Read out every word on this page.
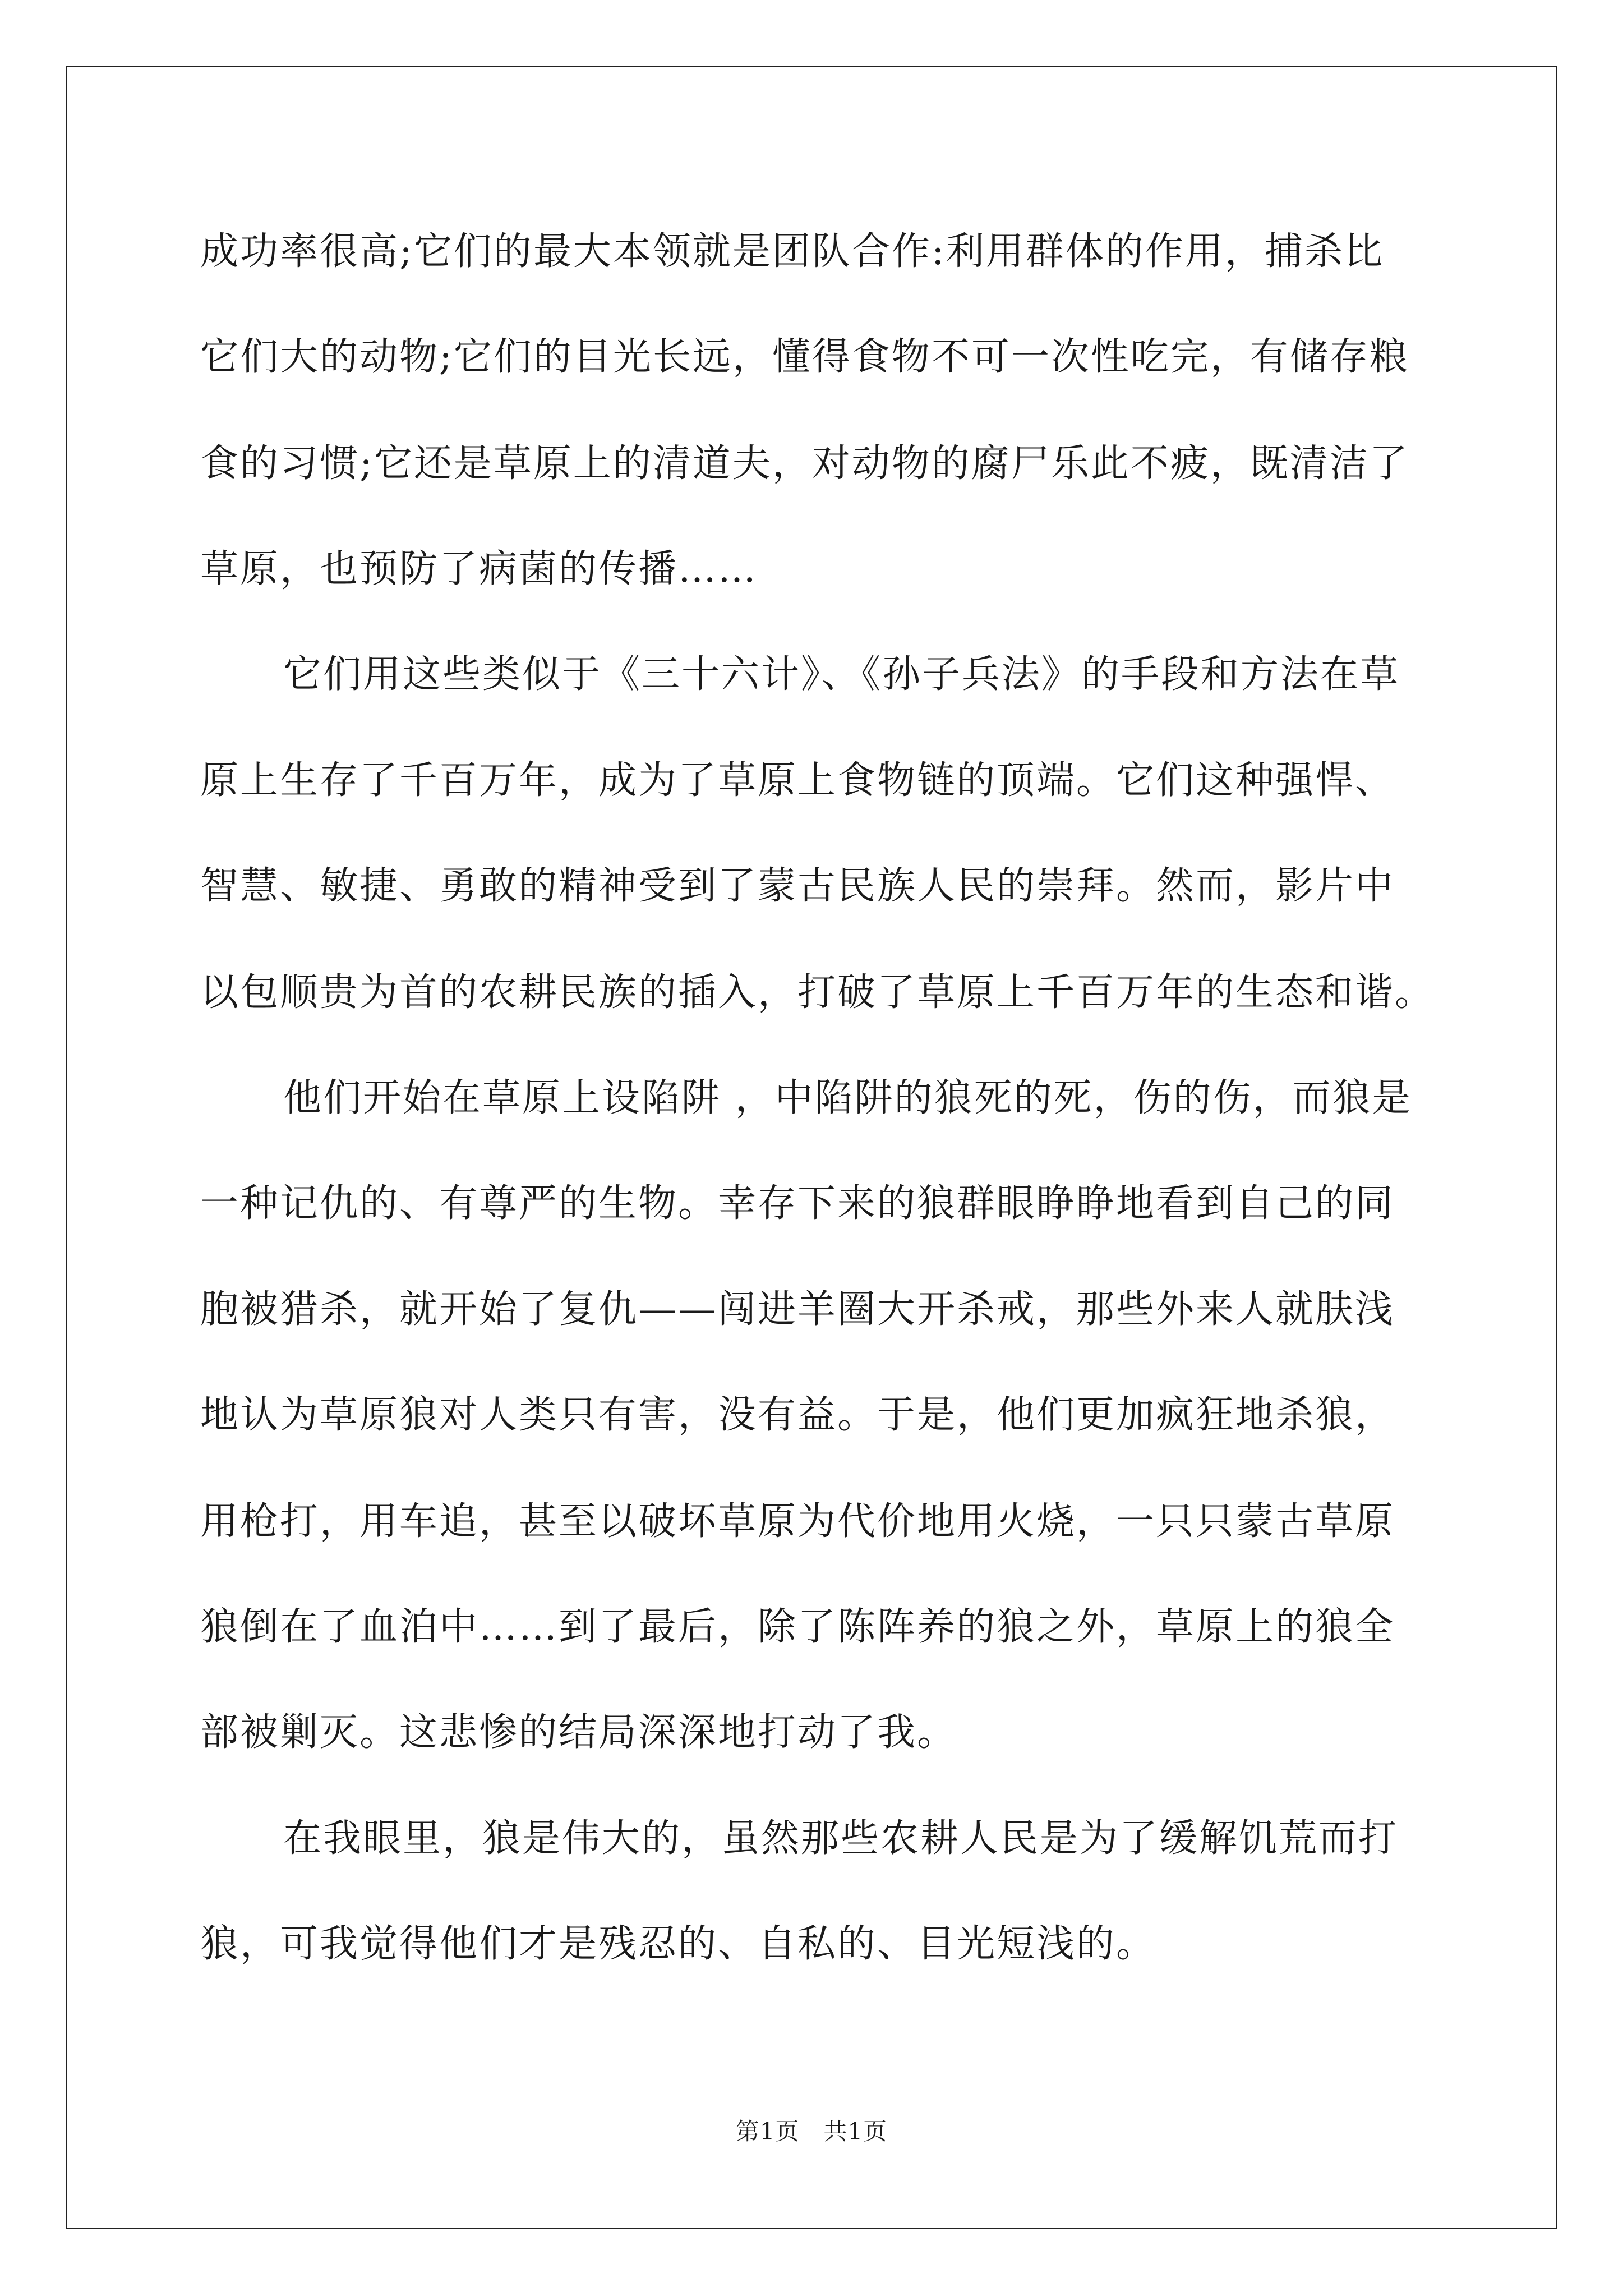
成功率很高;它们的最大本领就是团队合作:利用群体的作用，捕杀比
它们大的动物;它们的目光长远，懂得食物不可一次性吃完，有储存粮
食的习惯;它还是草原上的清道夫，对动物的腐尸乐此不疲，既清洁了
草原，也预防了病菌的传播……
它们用这些类似于《三十六计》、《孙子兵法》的手段和方法在草
原上生存了千百万年，成为了草原上食物链的顶端。它们这种强悍、
智慧、敏捷、勇敢的精神受到了蒙古民族人民的崇拜。然而，影片中
以包顺贵为首的农耕民族的插入，打破了草原上千百万年的生态和谐。
他们开始在草原上设陷阱 ，中陷阱的狼死的死，伤的伤，而狼是
一种记仇的、有尊严的生物。幸存下来的狼群眼睁睁地看到自己的同
胞被猎杀，就开始了复仇——闯进羊圈大开杀戒，那些外来人就肤浅
地认为草原狼对人类只有害，没有益。于是，他们更加疯狂地杀狼，
用枪打，用车追，甚至以破坏草原为代价地用火烧，一只只蒙古草原
狼倒在了血泊中……到了最后，除了陈阵养的狼之外，草原上的狼全
部被剿灭。这悲惨的结局深深地打动了我。
在我眼里，狼是伟大的，虽然那些农耕人民是为了缓解饥荒而打
狼，可我觉得他们才是残忍的、自私的、目光短浅的。
第1页　共1页
